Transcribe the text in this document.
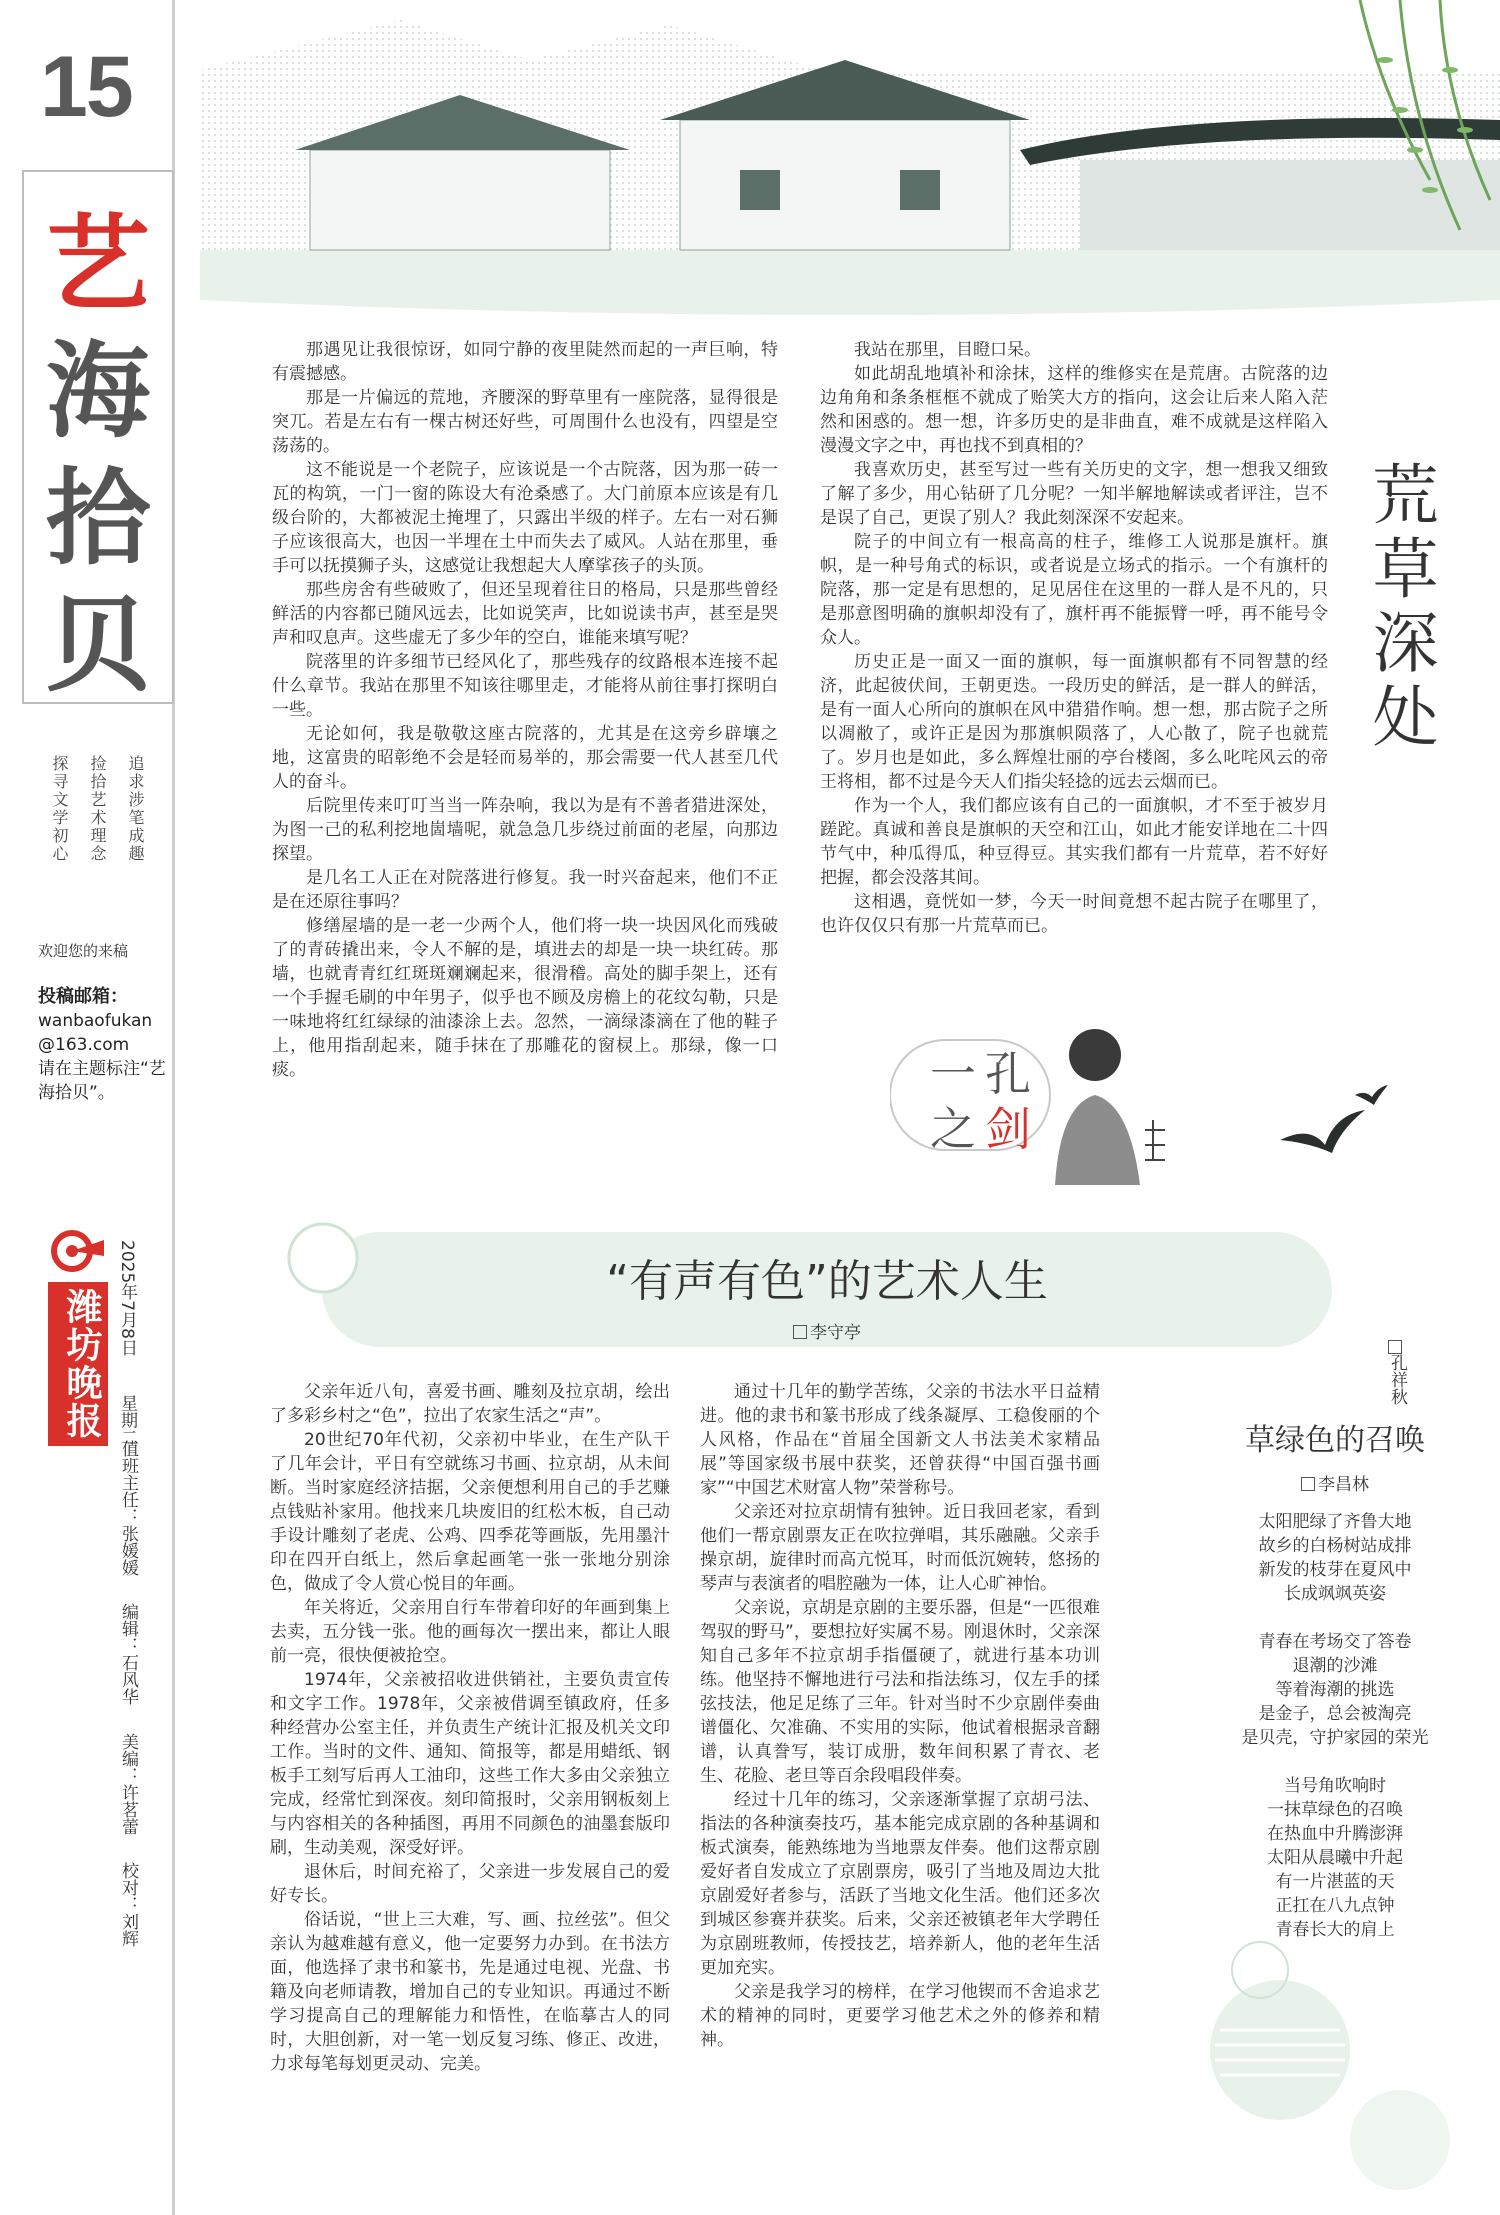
15
艺
海
拾
贝
追求涉笔成趣
捡拾艺术理念
探寻文学初心
欢迎您的来稿
投稿邮箱：
wanbaofukan
@163.com
请在主题标注“艺海拾贝”。
潍坊晚报 2025年7月8日  星期二
值班主任：张媛媛 编辑：石风华 美编：许茗蕾 校对：刘辉

那遇见让我很惊讶，如同宁静的夜里陡然而起的一声巨响，特有震撼感。

那是一片偏远的荒地，齐腰深的野草里有一座院落，显得很是突兀。若是左右有一棵古树还好些，可周围什么也没有，四望是空荡荡的。

这不能说是一个老院子，应该说是一个古院落，因为那一砖一瓦的构筑，一门一窗的陈设大有沧桑感了。大门前原本应该是有几级台阶的，大都被泥土掩埋了，只露出半级的样子。左右一对石狮子应该很高大，也因一半埋在土中而失去了威风。人站在那里，垂手可以抚摸狮子头，这感觉让我想起大人摩挲孩子的头顶。

那些房舍有些破败了，但还呈现着往日的格局，只是那些曾经鲜活的内容都已随风远去，比如说笑声，比如说读书声，甚至是哭声和叹息声。这些虚无了多少年的空白，谁能来填写呢？

院落里的许多细节已经风化了，那些残存的纹路根本连接不起什么章节。我站在那里不知该往哪里走，才能将从前往事打探明白一些。

无论如何，我是敬敬这座古院落的，尤其是在这旁乡辟壤之地，这富贵的昭彰绝不会是轻而易举的，那会需要一代人甚至几代人的奋斗。

后院里传来叮叮当当一阵杂响，我以为是有不善者猎进深处，为图一己的私利挖地崮墙呢，就急急几步绕过前面的老屋，向那边探望。

是几名工人正在对院落进行修复。我一时兴奋起来，他们不正是在还原往事吗？

修缮屋墙的是一老一少两个人，他们将一块一块因风化而残破了的青砖撬出来，令人不解的是，填进去的却是一块一块红砖。那墙，也就青青红红斑斑斓斓起来，很滑稽。高处的脚手架上，还有一个手握毛刷的中年男子，似乎也不顾及房檐上的花纹勾勒，只是一味地将红红绿绿的油漆涂上去。忽然，一滴绿漆滴在了他的鞋子上，他用指刮起来，随手抹在了那雕花的窗棂上。那绿，像一口痰。

我站在那里，目瞪口呆。

如此胡乱地填补和涂抹，这样的维修实在是荒唐。古院落的边边角角和条条框框不就成了贻笑大方的指向，这会让后来人陷入茫然和困惑的。想一想，许多历史的是非曲直，难不成就是这样陷入漫漫文字之中，再也找不到真相的？

我喜欢历史，甚至写过一些有关历史的文字，想一想我又细致了解了多少，用心钻研了几分呢？一知半解地解读或者评注，岂不是误了自己，更误了别人？我此刻深深不安起来。

院子的中间立有一根高高的柱子，维修工人说那是旗杆。旗帜，是一种号角式的标识，或者说是立场式的指示。一个有旗杆的院落，那一定是有思想的，足见居住在这里的一群人是不凡的，只是那意图明确的旗帜却没有了，旗杆再不能振臂一呼，再不能号令众人。

历史正是一面又一面的旗帜，每一面旗帜都有不同智慧的经济，此起彼伏间，王朝更迭。一段历史的鲜活，是一群人的鲜活，是有一面人心所向的旗帜在风中猎猎作响。想一想，那古院子之所以凋敝了，或许正是因为那旗帜陨落了，人心散了，院子也就荒了。岁月也是如此，多么辉煌壮丽的亭台楼阁，多么叱咤风云的帝王将相，都不过是今天人们指尖轻捻的远去云烟而已。

作为一个人，我们都应该有自己的一面旗帜，才不至于被岁月蹉跎。真诚和善良是旗帜的天空和江山，如此才能安详地在二十四节气中，种瓜得瓜，种豆得豆。其实我们都有一片荒草，若不好好把握，都会没落其间。

这相遇，竟恍如一梦，今天一时间竟想不起古院子在哪里了，也许仅仅只有那一片荒草而已。

荒草深处
孔祥秋
一 孔
之 剑
“有声有色”的艺术人生
李守亭

父亲年近八旬，喜爱书画、雕刻及拉京胡，绘出了多彩乡村之“色”，拉出了农家生活之“声”。

20世纪70年代初，父亲初中毕业，在生产队干了几年会计，平日有空就练习书画、拉京胡，从未间断。当时家庭经济拮据，父亲便想利用自己的手艺赚点钱贴补家用。他找来几块废旧的红松木板，自己动手设计雕刻了老虎、公鸡、四季花等画版，先用墨汁印在四开白纸上，然后拿起画笔一张一张地分别涂色，做成了令人赏心悦目的年画。

年关将近，父亲用自行车带着印好的年画到集上去卖，五分钱一张。他的画每次一摆出来，都让人眼前一亮，很快便被抢空。

1974年，父亲被招收进供销社，主要负责宣传和文字工作。1978年，父亲被借调至镇政府，任多种经营办公室主任，并负责生产统计汇报及机关文印工作。当时的文件、通知、简报等，都是用蜡纸、钢板手工刻写后再人工油印，这些工作大多由父亲独立完成，经常忙到深夜。刻印简报时，父亲用钢板刻上与内容相关的各种插图，再用不同颜色的油墨套版印刷，生动美观，深受好评。

退休后，时间充裕了，父亲进一步发展自己的爱好专长。

俗话说，“世上三大难，写、画、拉丝弦”。但父亲认为越难越有意义，他一定要努力办到。在书法方面，他选择了隶书和篆书，先是通过电视、光盘、书籍及向老师请教，增加自己的专业知识。再通过不断学习提高自己的理解能力和悟性，在临摹古人的同时，大胆创新，对一笔一划反复习练、修正、改进，力求每笔每划更灵动、完美。

通过十几年的勤学苦练，父亲的书法水平日益精进。他的隶书和篆书形成了线条凝厚、工稳俊丽的个人风格，作品在“首届全国新文人书法美术家精品展”等国家级书展中获奖，还曾获得“中国百强书画家”“中国艺术财富人物”荣誉称号。

父亲还对拉京胡情有独钟。近日我回老家，看到他们一帮京剧票友正在吹拉弹唱，其乐融融。父亲手操京胡，旋律时而高亢悦耳，时而低沉婉转，悠扬的琴声与表演者的唱腔融为一体，让人心旷神怡。

父亲说，京胡是京剧的主要乐器，但是“一匹很难驾驭的野马”，要想拉好实属不易。刚退休时，父亲深知自己多年不拉京胡手指僵硬了，就进行基本功训练。他坚持不懈地进行弓法和指法练习，仅左手的揉弦技法，他足足练了三年。针对当时不少京剧伴奏曲谱僵化、欠准确、不实用的实际，他试着根据录音翻谱，认真誊写，装订成册，数年间积累了青衣、老生、花脸、老旦等百余段唱段伴奏。

经过十几年的练习，父亲逐渐掌握了京胡弓法、指法的各种演奏技巧，基本能完成京剧的各种基调和板式演奏，能熟练地为当地票友伴奏。他们这帮京剧爱好者自发成立了京剧票房，吸引了当地及周边大批京剧爱好者参与，活跃了当地文化生活。他们还多次到城区参赛并获奖。后来，父亲还被镇老年大学聘任为京剧班教师，传授技艺，培养新人，他的老年生活更加充实。

父亲是我学习的榜样，在学习他锲而不舍追求艺术的精神的同时，更要学习他艺术之外的修养和精神。

草绿色的召唤
李昌林
太阳肥绿了齐鲁大地
故乡的白杨树站成排
新发的枝芽在夏风中
长成飒飒英姿
青春在考场交了答卷
退潮的沙滩
等着海潮的挑选
是金子，总会被淘亮
是贝壳，守护家园的荣光
当号角吹响时
一抹草绿色的召唤
在热血中升腾澎湃
太阳从晨曦中升起
有一片湛蓝的天
正扛在八九点钟
青春长大的肩上
